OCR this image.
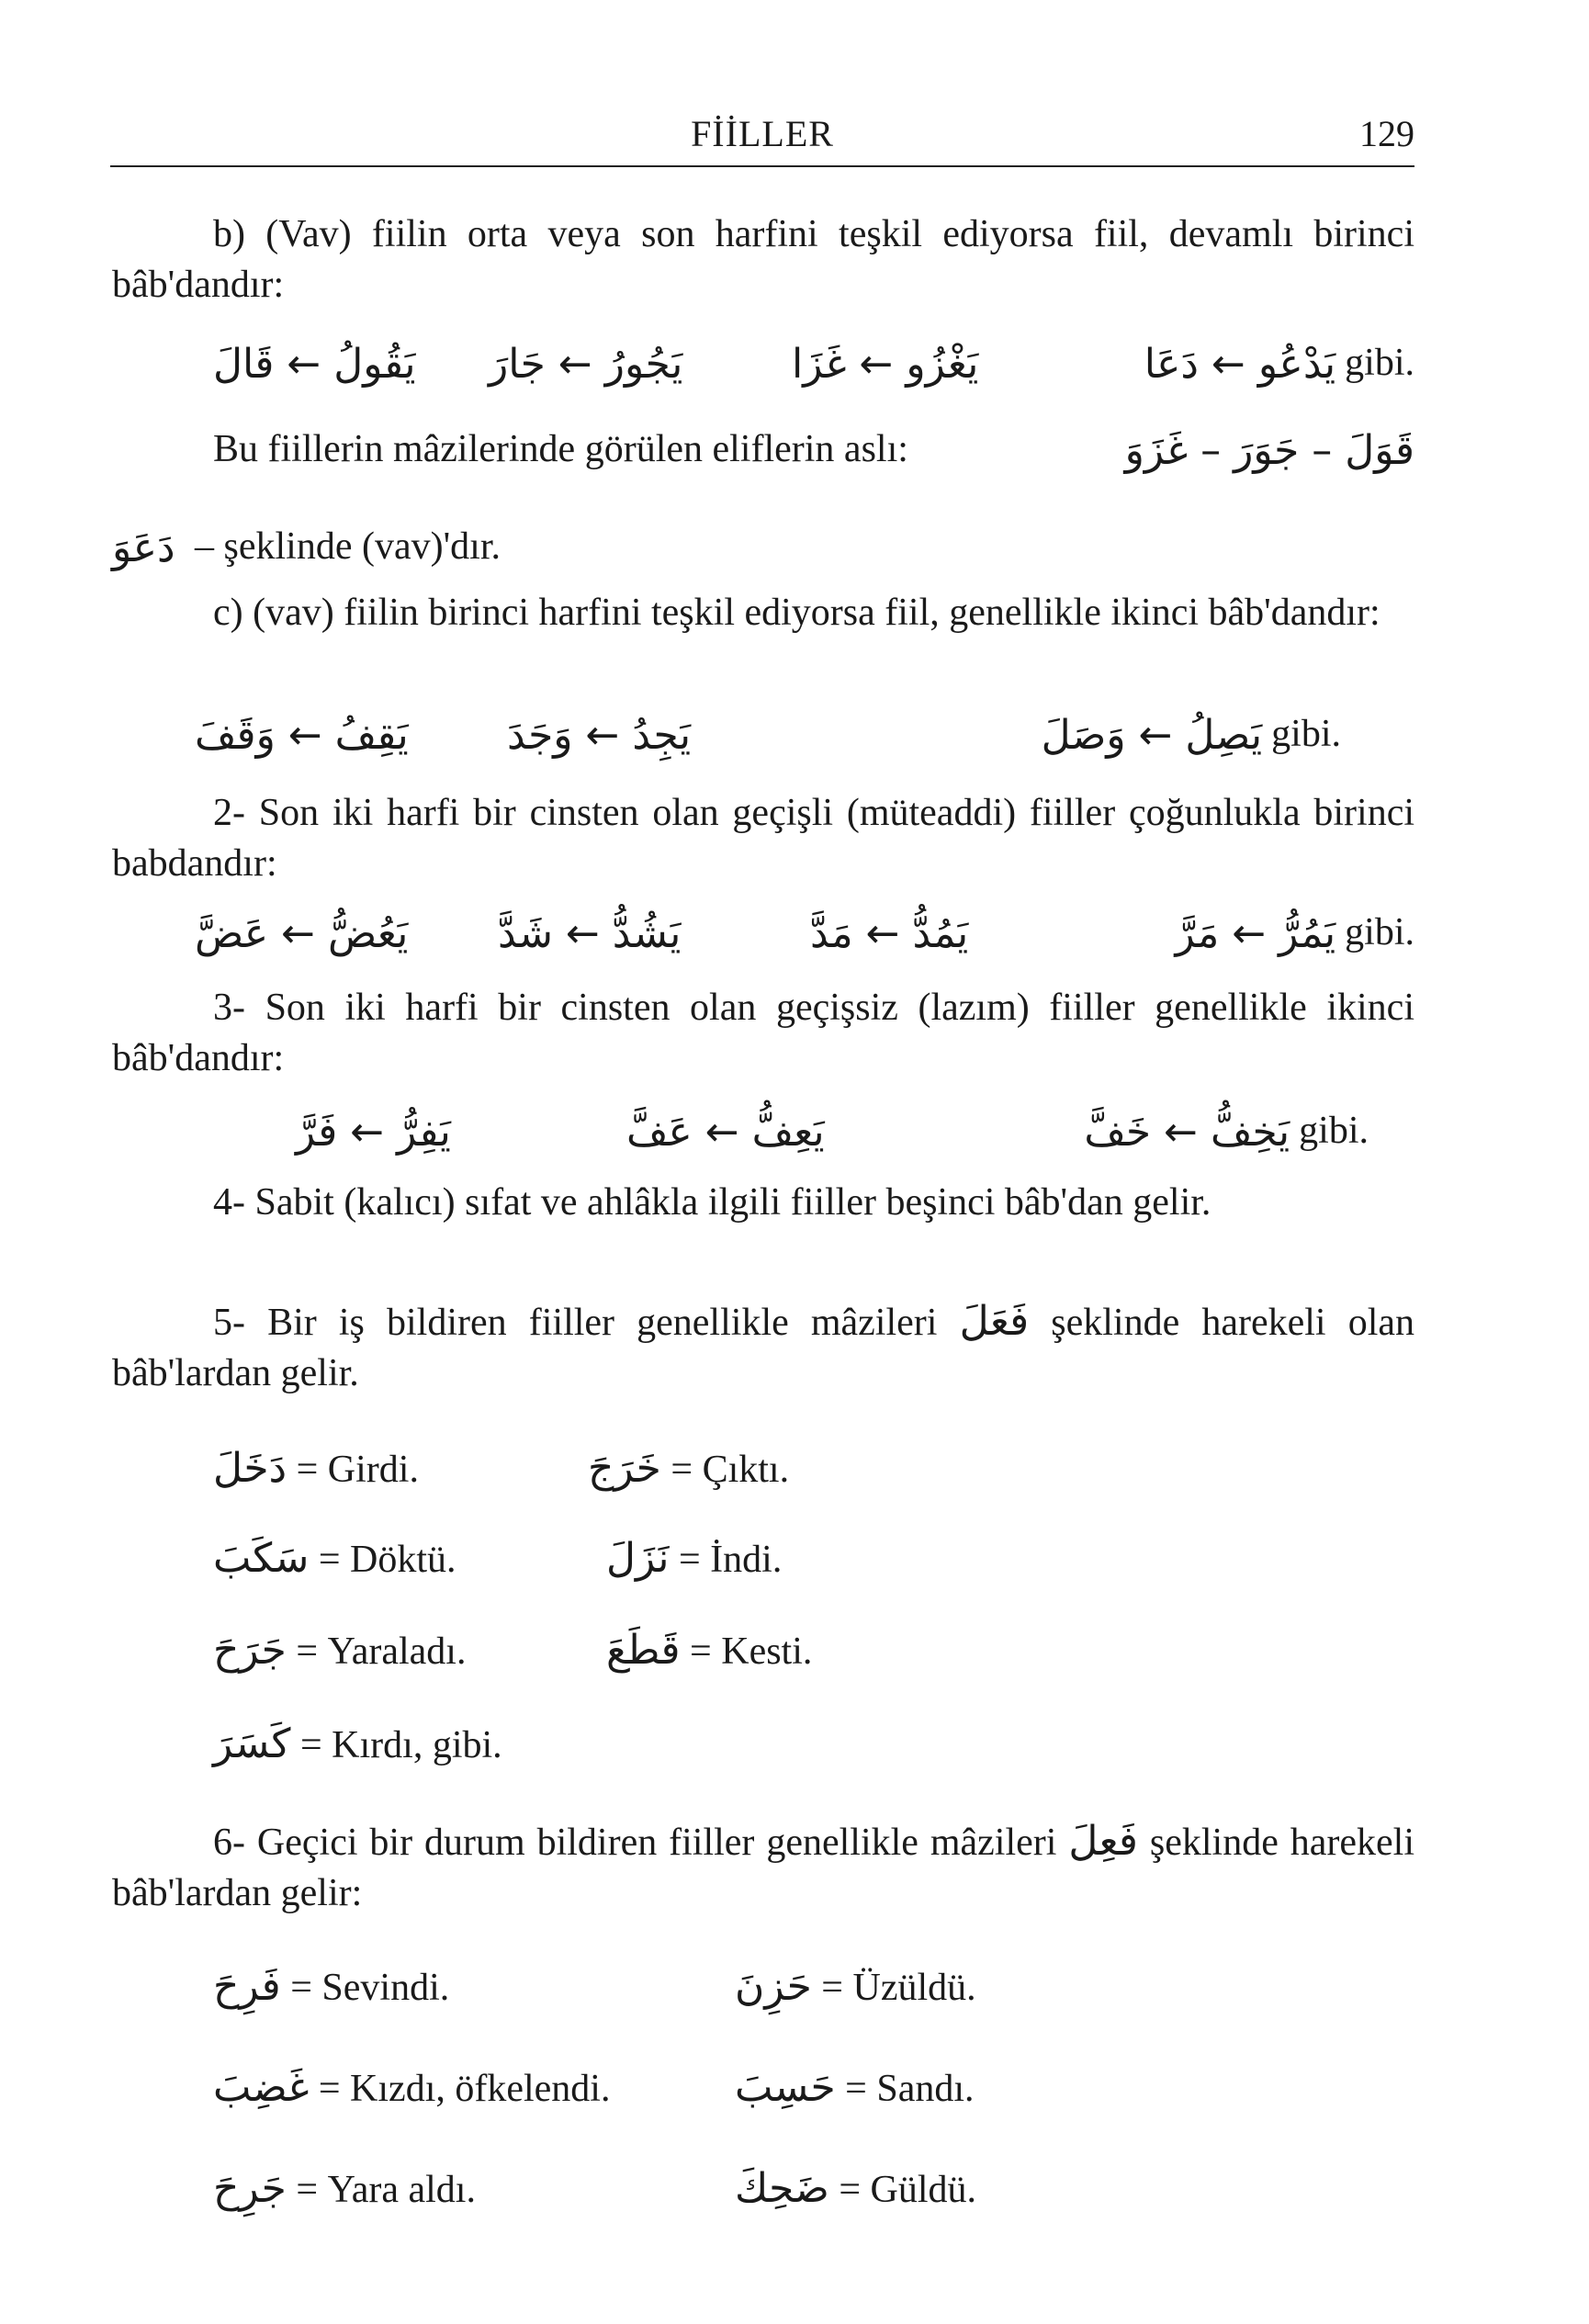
FİİLLER	129
b) (Vav) fiilin orta veya son harfini teşkil ediyorsa fiil, devamlı birinci bâb'dandır:
gibi.
يَدْعُو ← دَعَا
يَغْزُو ← غَزَا
يَجُورُ ← جَارَ
يَقُولُ ← قَالَ
Bu fiillerin mâzilerinde görülen eliflerin aslı:	قَوَلَ – جَوَرَ – غَزَوَ
دَعَوَ – şeklinde (vav)'dır.
c) (vav) fiilin birinci harfini teşkil ediyorsa fiil, genellikle ikinci bâb'dandır:
gibi.
يَصِلُ ← وَصَلَ
يَجِدُ ← وَجَدَ
يَقِفُ ← وَقَفَ
2- Son iki harfi bir cinsten olan geçişli (müteaddi) fiiller çoğunlukla birinci babdandır:
gibi.
يَمُرُّ ← مَرَّ
يَمُدُّ ← مَدَّ
يَشُدُّ ← شَدَّ
يَعُضُّ ← عَضَّ
3- Son iki harfi bir cinsten olan geçişsiz (lazım) fiiller genellikle ikinci bâb'dandır:
gibi.
يَخِفُّ ← خَفَّ
يَعِفُّ ← عَفَّ
يَفِرُّ ← فَرَّ
4- Sabit (kalıcı) sıfat ve ahlâkla ilgili fiiller beşinci bâb'dan gelir.
5- Bir iş bildiren fiiller genellikle mâzileri فَعَلَ şeklinde harekeli olan bâb'lardan gelir.
دَخَلَ = Girdi.	خَرَجَ = Çıktı.
سَكَبَ = Döktü.	نَزَلَ = İndi.
جَرَحَ = Yaraladı.	قَطَعَ = Kesti.
كَسَرَ = Kırdı, gibi.
6- Geçici bir durum bildiren fiiller genellikle mâzileri فَعِلَ şeklinde harekeli bâb'lardan gelir:
فَرِحَ = Sevindi.	حَزِنَ = Üzüldü.
غَضِبَ = Kızdı, öfkelendi.	حَسِبَ = Sandı.
جَرِحَ = Yara aldı.	ضَحِكَ = Güldü.
